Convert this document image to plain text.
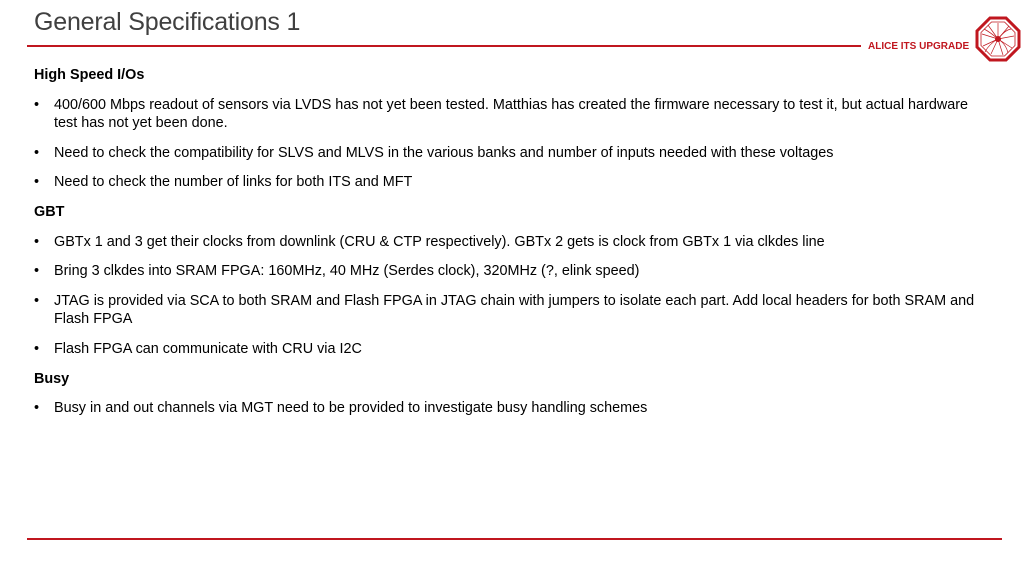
General Specifications 1
ALICE ITS UPGRADE
High Speed I/Os
• 400/600 Mbps readout of sensors via LVDS has not yet been tested. Matthias has created the firmware necessary to test it, but actual hardware test has not yet been done.
• Need to check the compatibility for SLVS and MLVS in the various banks and number of inputs needed with these voltages
• Need to check the number of links for both ITS and MFT
GBT
• GBTx 1 and 3 get their clocks from downlink (CRU & CTP respectively). GBTx 2 gets is clock from GBTx 1 via clkdes line
• Bring 3 clkdes into SRAM FPGA: 160MHz, 40 MHz (Serdes clock), 320MHz (?, elink speed)
• JTAG is provided via SCA to both SRAM and Flash FPGA in JTAG chain with jumpers to isolate each part. Add local headers for both SRAM and Flash FPGA
• Flash FPGA can communicate with CRU via I2C
Busy
• Busy in and out channels via MGT need to be provided to investigate busy handling schemes
